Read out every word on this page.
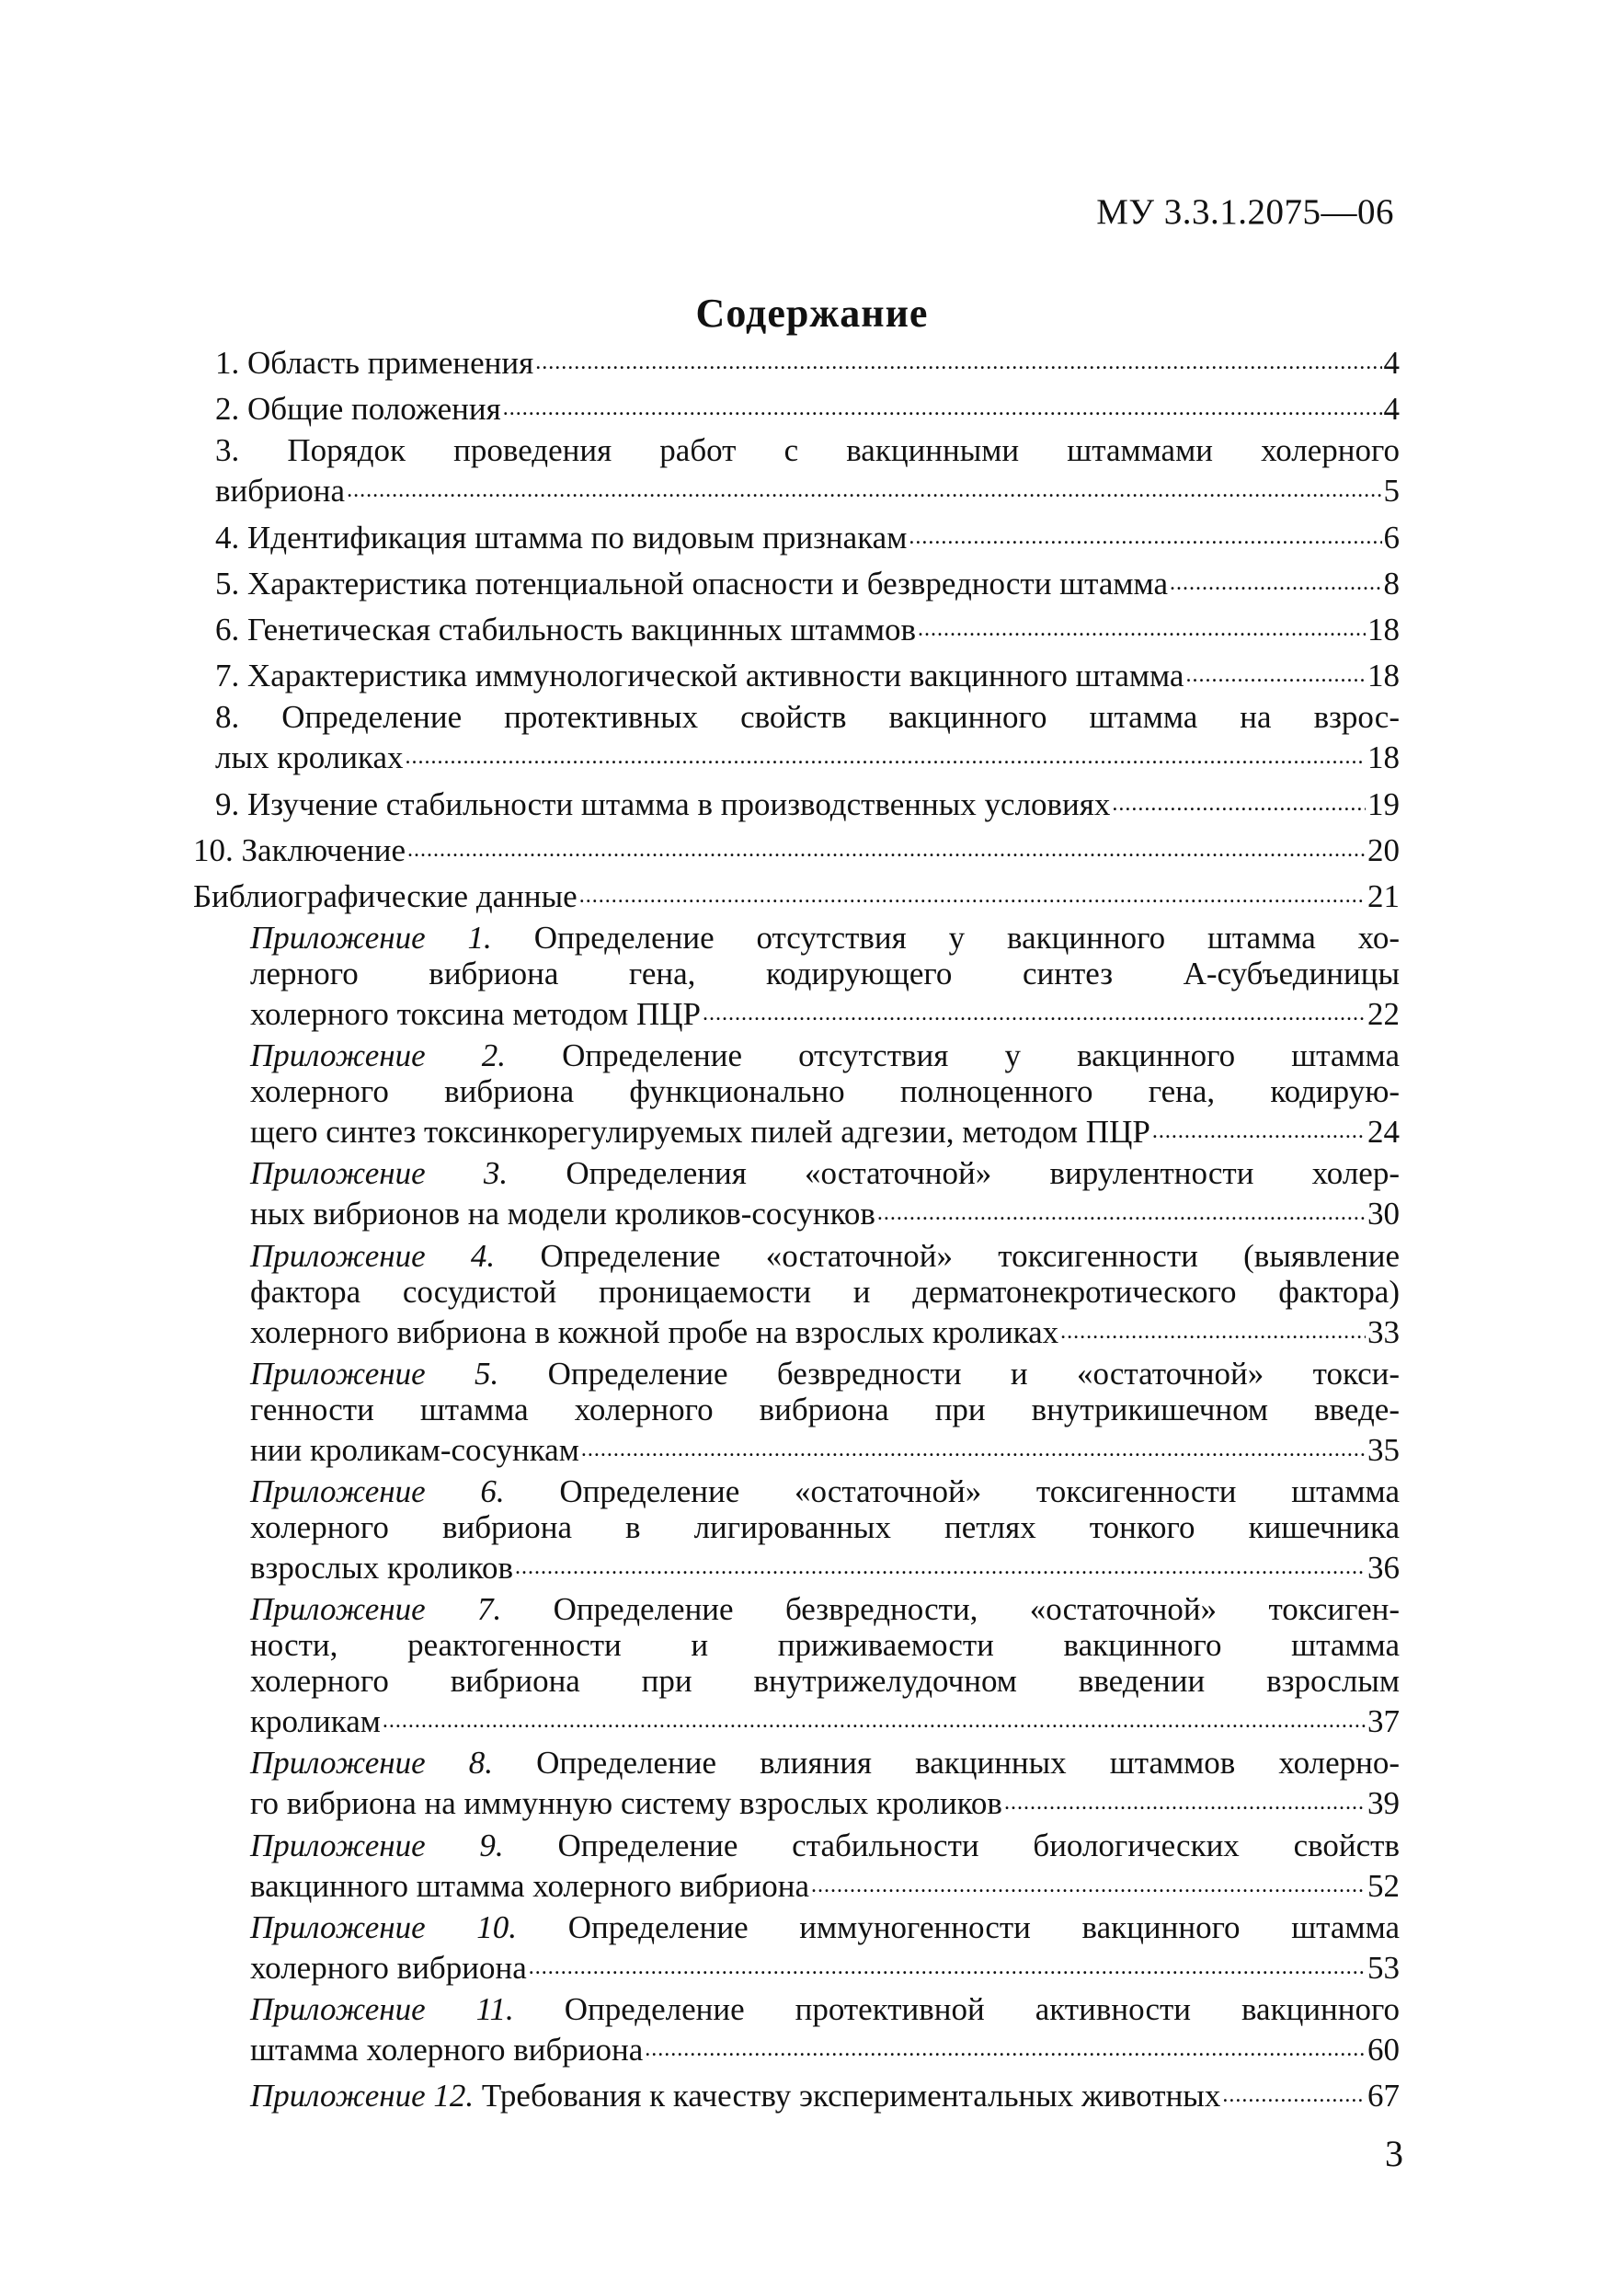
МУ 3.3.1.2075—06
Содержание
1. Область применения .....	4
2. Общие положения .....	4
3. Порядок проведения работ с вакцинными штаммами холерного
вибриона .....	5
4. Идентификация штамма по видовым признакам .....	6
5. Характеристика потенциальной опасности и безвредности штамма .....	8
6. Генетическая стабильность вакцинных штаммов .....	18
7. Характеристика иммунологической активности вакцинного штамма .....	18
8. Определение протективных свойств вакцинного штамма на взрос-
лых кроликах .....	18
9. Изучение стабильности штамма в производственных условиях .....	19
10. Заключение .....	20
Библиографические данные .....	21
Приложение 1. Определение отсутствия у вакцинного штамма хо-
лерного вибриона гена, кодирующего синтез А-субъединицы
холерного токсина методом ПЦР .....	22
Приложение 2. Определение отсутствия у вакцинного штамма
холерного вибриона функционально полноценного гена, кодирую-
щего синтез токсинкорегулируемых пилей адгезии, методом ПЦР .....	24
Приложение 3. Определения «остаточной» вирулентности холер-
ных вибрионов на модели кроликов-сосунков .....	30
Приложение 4. Определение «остаточной» токсигенности (выявление
фактора сосудистой проницаемости и дерматонекротического фактора)
холерного вибриона в кожной пробе на взрослых кроликах .....	33
Приложение 5. Определение безвредности и «остаточной» токси-
генности штамма холерного вибриона при внутрикишечном введе-
нии кроликам-сосункам .....	35
Приложение 6. Определение «остаточной» токсигенности штамма
холерного вибриона в лигированных петлях тонкого кишечника
взрослых кроликов .....	36
Приложение 7. Определение безвредности, «остаточной» токсиген-
ности, реактогенности и приживаемости вакцинного штамма
холерного вибриона при внутрижелудочном введении взрослым
кроликам .....	37
Приложение 8. Определение влияния вакцинных штаммов холерно-
го вибриона на иммунную систему взрослых кроликов .....	39
Приложение 9. Определение стабильности биологических свойств
вакцинного штамма холерного вибриона .....	52
Приложение 10. Определение иммуногенности вакцинного штамма
холерного вибриона .....	53
Приложение 11. Определение протективной активности вакцинного
штамма холерного вибриона .....	60
Приложение 12. Требования к качеству экспериментальных животных .....	67
3
